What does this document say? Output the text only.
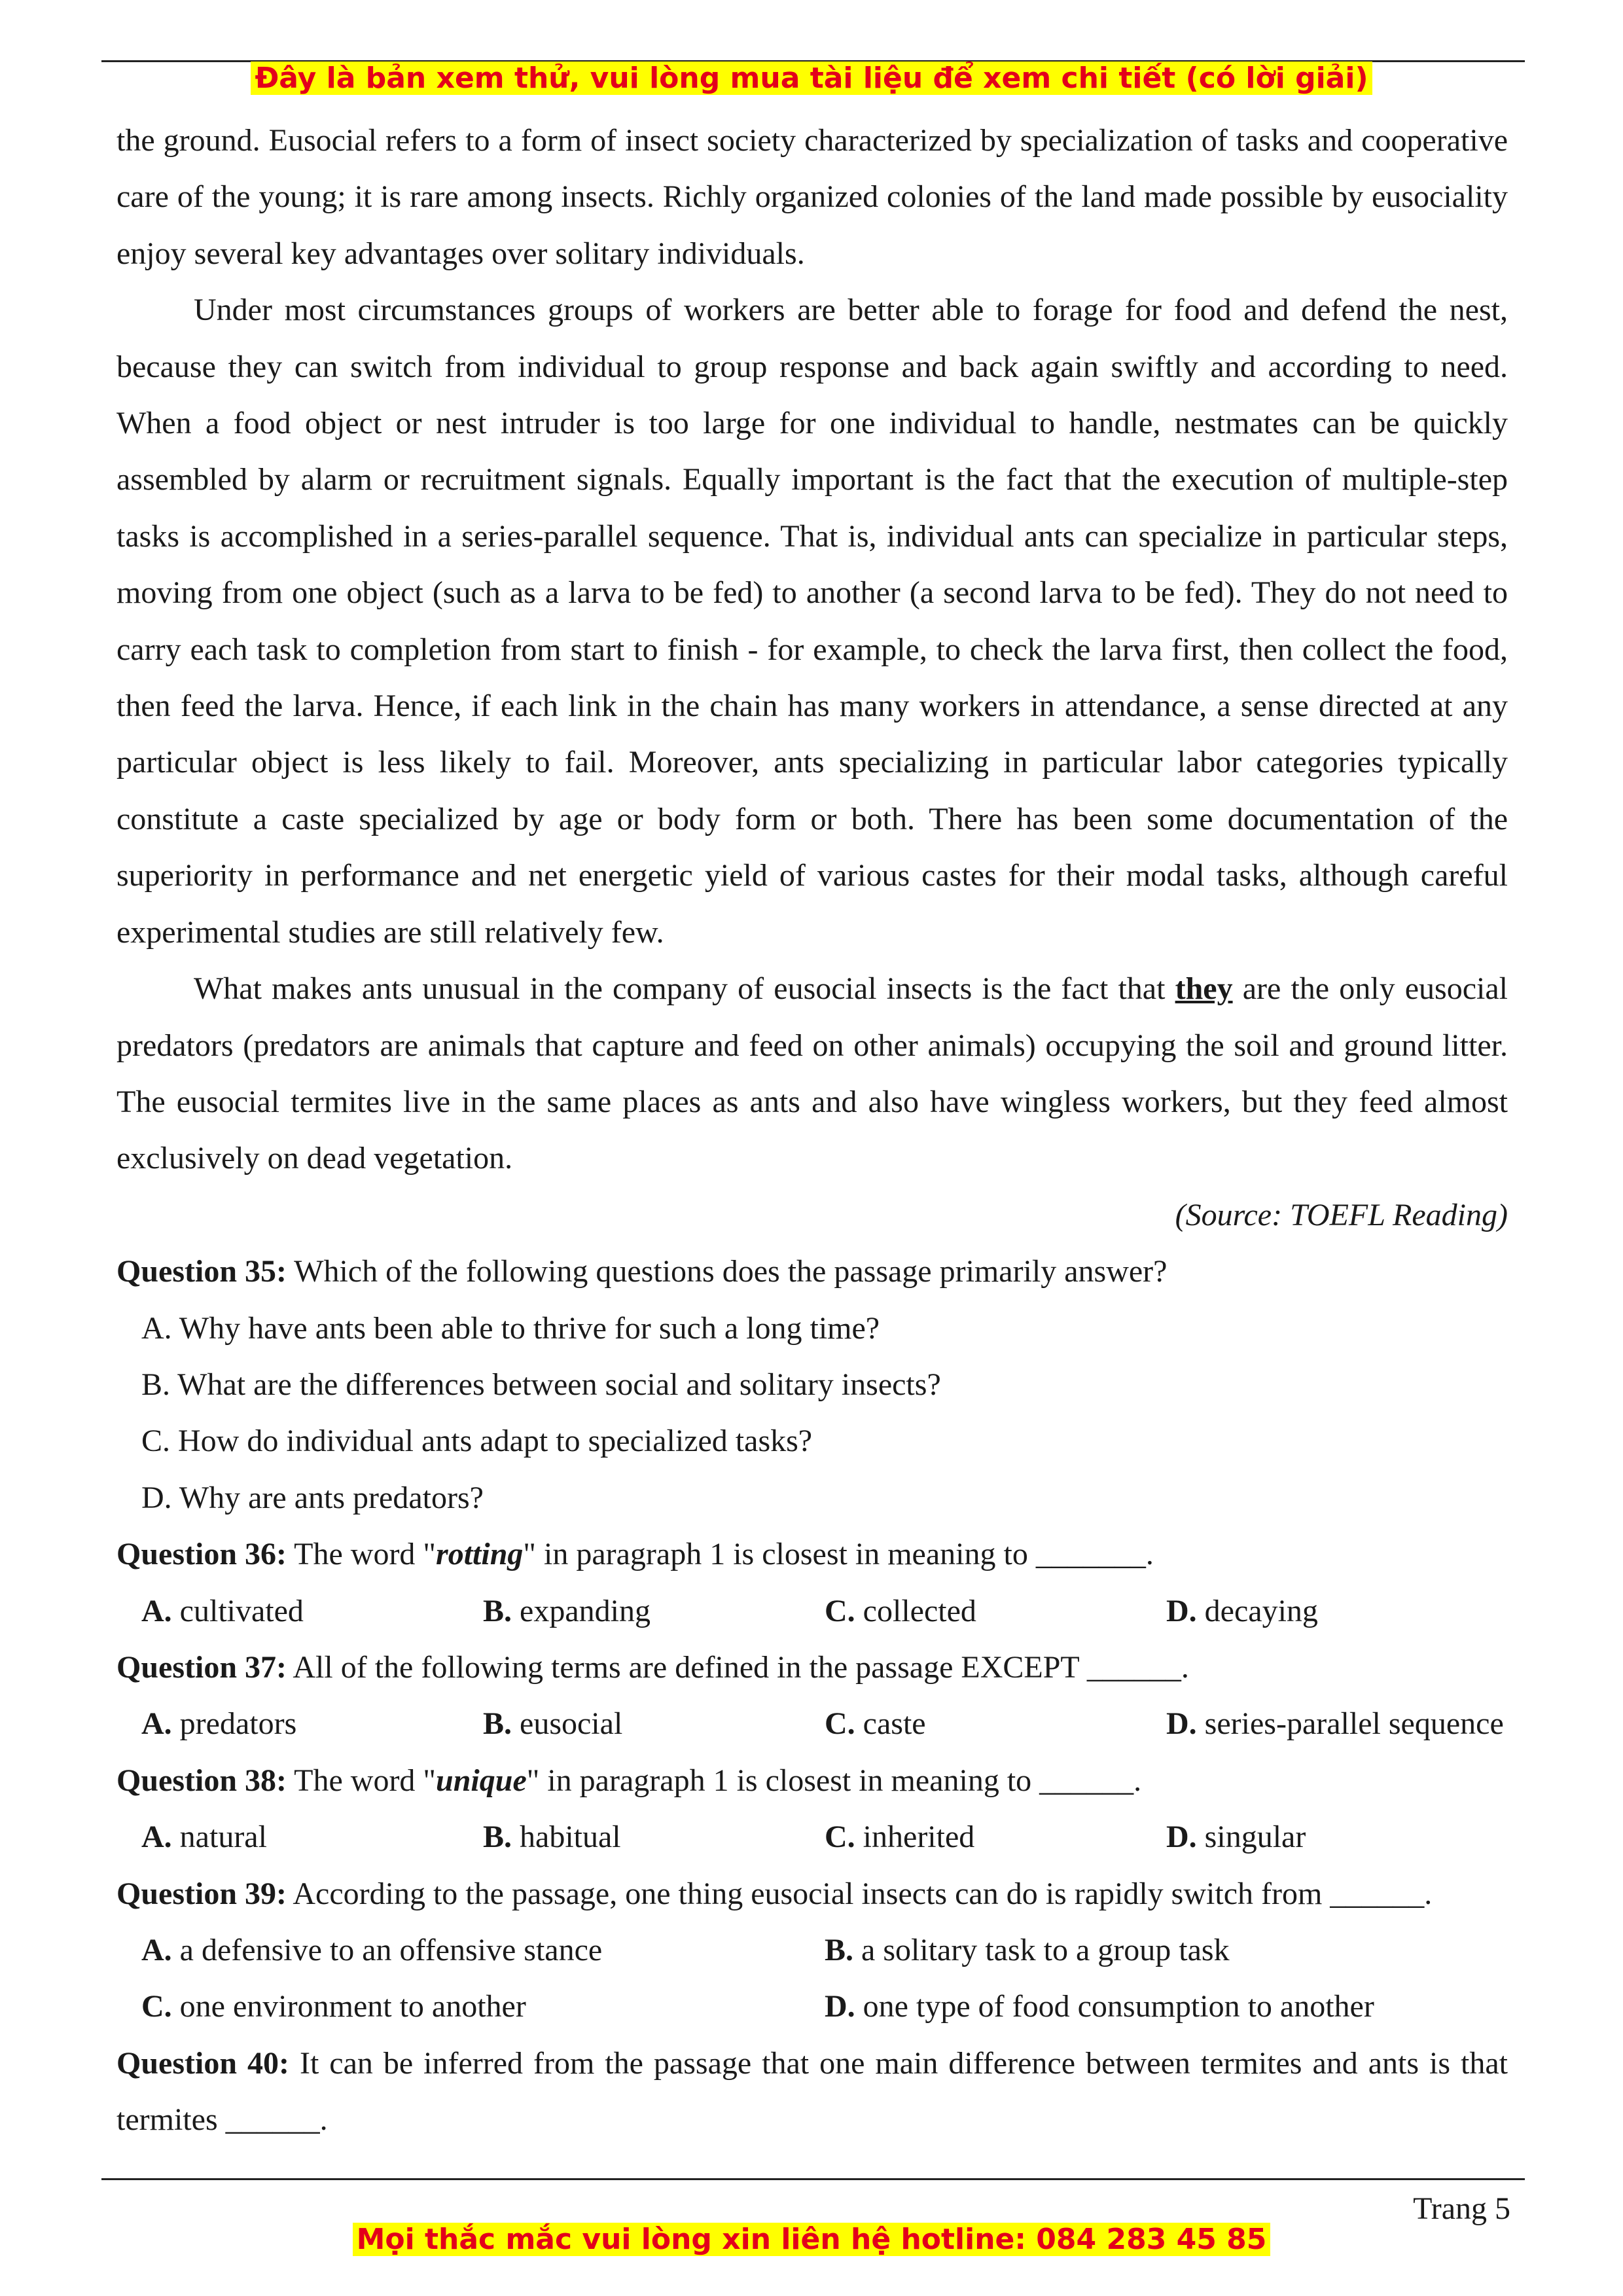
Đây là bản xem thử, vui lòng mua tài liệu để xem chi tiết (có lời giải)

the ground. Eusocial refers to a form of insect society characterized by specialization of tasks and cooperative care of the young; it is rare among insects. Richly organized colonies of the land made possible by eusociality enjoy several key advantages over solitary individuals.

Under most circumstances groups of workers are better able to forage for food and defend the nest, because they can switch from individual to group response and back again swiftly and according to need. When a food object or nest intruder is too large for one individual to handle, nestmates can be quickly assembled by alarm or recruitment signals. Equally important is the fact that the execution of multiple-step tasks is accomplished in a series-parallel sequence. That is, individual ants can specialize in particular steps, moving from one object (such as a larva to be fed) to another (a second larva to be fed). They do not need to carry each task to completion from start to finish - for example, to check the larva first, then collect the food, then feed the larva. Hence, if each link in the chain has many workers in attendance, a sense directed at any particular object is less likely to fail. Moreover, ants specializing in particular labor categories typically constitute a caste specialized by age or body form or both. There has been some documentation of the superiority in performance and net energetic yield of various castes for their modal tasks, although careful experimental studies are still relatively few.

What makes ants unusual in the company of eusocial insects is the fact that they are the only eusocial predators (predators are animals that capture and feed on other animals) occupying the soil and ground litter. The eusocial termites live in the same places as ants and also have wingless workers, but they feed almost exclusively on dead vegetation.

(Source: TOEFL Reading)

Question 35: Which of the following questions does the passage primarily answer?

A. Why have ants been able to thrive for such a long time?
B. What are the differences between social and solitary insects?
C. How do individual ants adapt to specialized tasks?
D. Why are ants predators?

Question 36: The word "rotting" in paragraph 1 is closest in meaning to _______.

A. cultivated	B. expanding	C. collected	D. decaying

Question 37: All of the following terms are defined in the passage EXCEPT ______.

A. predators	B. eusocial	C. caste	D. series-parallel sequence

Question 38: The word "unique" in paragraph 1 is closest in meaning to ______.

A. natural	B. habitual	C. inherited	D. singular

Question 39: According to the passage, one thing eusocial insects can do is rapidly switch from ______.

A. a defensive to an offensive stance	B. a solitary task to a group task
C. one environment to another	D. one type of food consumption to another

Question 40: It can be inferred from the passage that one main difference between termites and ants is that termites ______.

Trang 5
Mọi thắc mắc vui lòng xin liên hệ hotline: 084 283 45 85
